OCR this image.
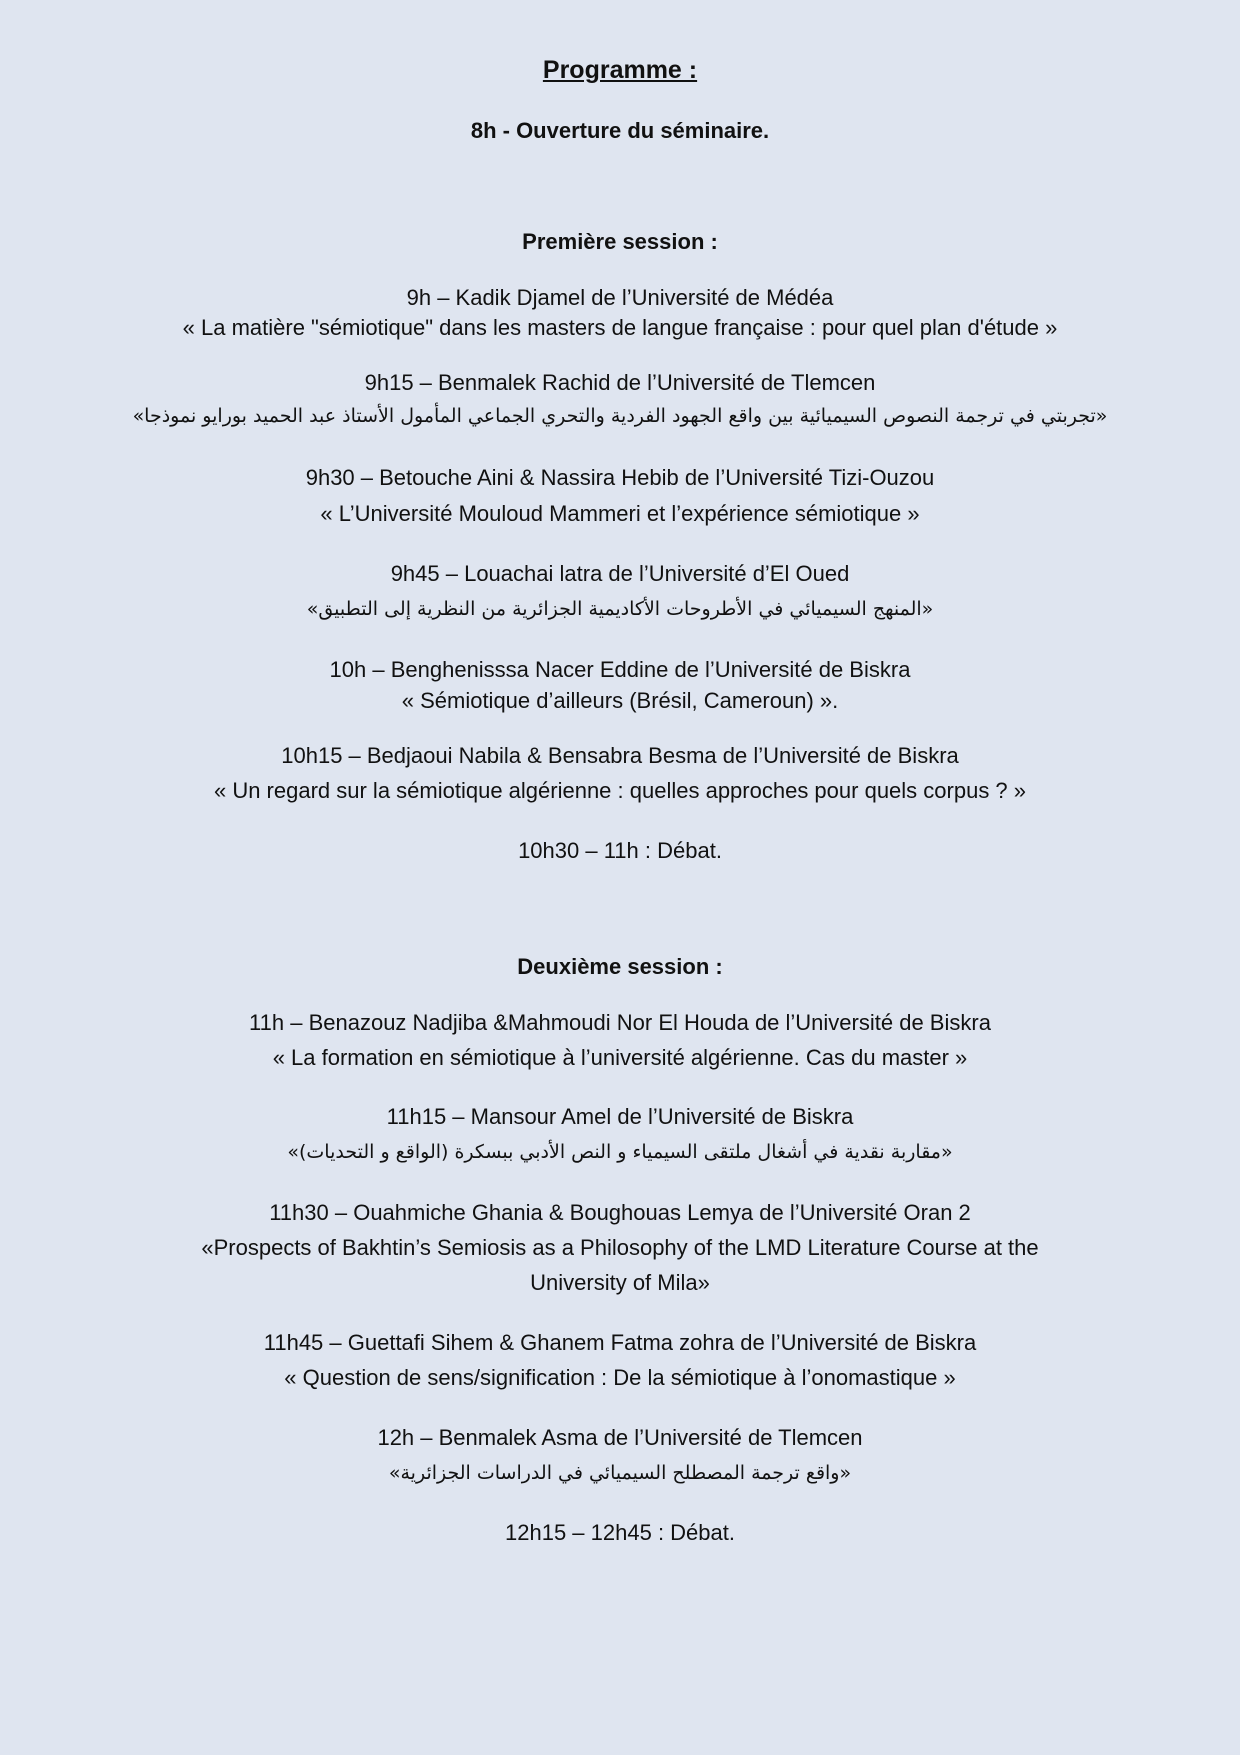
Programme :
8h - Ouverture du séminaire.
Première session :
9h – Kadik Djamel de l’Université de Médéa
« La matière "sémiotique" dans les masters de langue française : pour quel plan d'étude »
9h15 – Benmalek Rachid de l’Université de Tlemcen
«تجربتي في ترجمة النصوص السيميائية بين واقع الجهود الفردية والتحري الجماعي المأمول الأستاذ عبد الحميد بورايو نموذجا»
9h30 – Betouche Aini & Nassira Hebib de l’Université Tizi-Ouzou
« L’Université Mouloud Mammeri et l’expérience sémiotique »
9h45 – Louachai latra de l’Université d’El Oued
«المنهج السيميائي في الأطروحات الأكاديمية الجزائرية من النظرية إلى التطبيق»
10h – Benghenisssa Nacer Eddine de l’Université de Biskra
« Sémiotique d’ailleurs (Brésil, Cameroun) ».
10h15 – Bedjaoui Nabila & Bensabra Besma de l’Université de Biskra
« Un regard sur la sémiotique algérienne : quelles approches pour quels corpus ? »
10h30 – 11h : Débat.
Deuxième session :
11h – Benazouz Nadjiba &Mahmoudi Nor El Houda de l’Université de Biskra
« La formation en sémiotique à l’université algérienne. Cas du master »
11h15 – Mansour Amel de l’Université de Biskra
«مقاربة نقدية في أشغال ملتقى السيمياء و النص الأدبي ببسكرة (الواقع و التحديات)»
11h30 – Ouahmiche Ghania & Boughouas Lemya de l’Université Oran 2
«Prospects of Bakhtin’s Semiosis as a Philosophy of the LMD Literature Course at the
University of Mila»
11h45 – Guettafi Sihem & Ghanem Fatma zohra de l’Université de Biskra
« Question de sens/signification : De la sémiotique à l’onomastique »
12h – Benmalek Asma de l’Université de Tlemcen
«واقع ترجمة المصطلح السيميائي في الدراسات الجزائرية»
12h15 – 12h45 : Débat.
